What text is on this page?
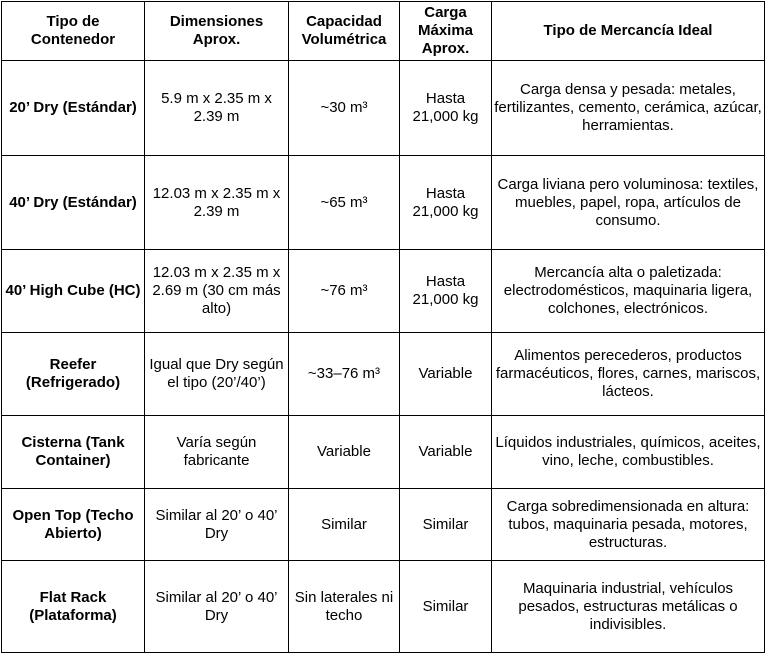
Tipo de Contenedor	Dimensiones Aprox.	Capacidad Volumétrica	Carga Máxima Aprox.	Tipo de Mercancía Ideal
20’ Dry (Estándar)	5.9 m x 2.35 m x 2.39 m	~30 m³	Hasta 21,000 kg	Carga densa y pesada: metales, fertilizantes, cemento, cerámica, azúcar, herramientas.
40’ Dry (Estándar)	12.03 m x 2.35 m x 2.39 m	~65 m³	Hasta 21,000 kg	Carga liviana pero voluminosa: textiles, muebles, papel, ropa, artículos de consumo.
40’ High Cube (HC)	12.03 m x 2.35 m x 2.69 m (30 cm más alto)	~76 m³	Hasta 21,000 kg	Mercancía alta o paletizada: electrodomésticos, maquinaria ligera, colchones, electrónicos.
Reefer (Refrigerado)	Igual que Dry según el tipo (20’/40’)	~33–76 m³	Variable	Alimentos perecederos, productos farmacéuticos, flores, carnes, mariscos, lácteos.
Cisterna (Tank Container)	Varía según fabricante	Variable	Variable	Líquidos industriales, químicos, aceites, vino, leche, combustibles.
Open Top (Techo Abierto)	Similar al 20’ o 40’ Dry	Similar	Similar	Carga sobredimensionada en altura: tubos, maquinaria pesada, motores, estructuras.
Flat Rack (Plataforma)	Similar al 20’ o 40’ Dry	Sin laterales ni techo	Similar	Maquinaria industrial, vehículos pesados, estructuras metálicas o indivisibles.
